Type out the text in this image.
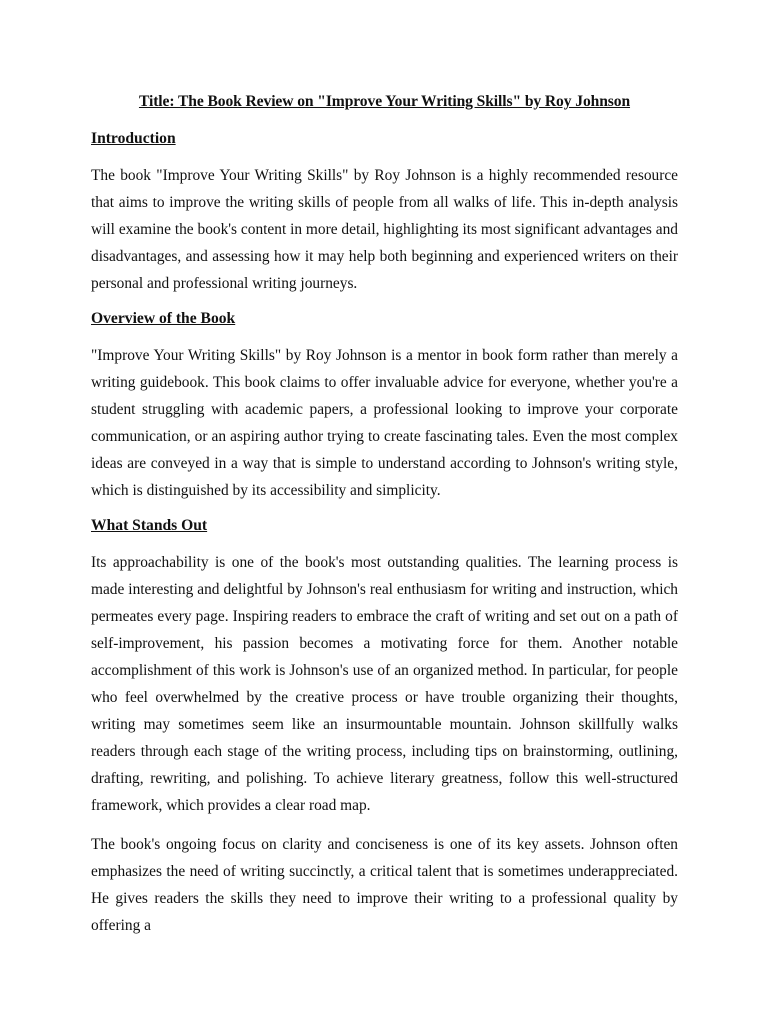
Title: The Book Review on "Improve Your Writing Skills" by Roy Johnson

Introduction

The book "Improve Your Writing Skills" by Roy Johnson is a highly recommended resource that aims to improve the writing skills of people from all walks of life. This in-depth analysis will examine the book's content in more detail, highlighting its most significant advantages and disadvantages, and assessing how it may help both beginning and experienced writers on their personal and professional writing journeys.

Overview of the Book

"Improve Your Writing Skills" by Roy Johnson is a mentor in book form rather than merely a writing guidebook. This book claims to offer invaluable advice for everyone, whether you're a student struggling with academic papers, a professional looking to improve your corporate communication, or an aspiring author trying to create fascinating tales. Even the most complex ideas are conveyed in a way that is simple to understand according to Johnson's writing style, which is distinguished by its accessibility and simplicity.

What Stands Out

Its approachability is one of the book's most outstanding qualities. The learning process is made interesting and delightful by Johnson's real enthusiasm for writing and instruction, which permeates every page. Inspiring readers to embrace the craft of writing and set out on a path of self-improvement, his passion becomes a motivating force for them. Another notable accomplishment of this work is Johnson's use of an organized method. In particular, for people who feel overwhelmed by the creative process or have trouble organizing their thoughts, writing may sometimes seem like an insurmountable mountain. Johnson skillfully walks readers through each stage of the writing process, including tips on brainstorming, outlining, drafting, rewriting, and polishing. To achieve literary greatness, follow this well-structured framework, which provides a clear road map.

The book's ongoing focus on clarity and conciseness is one of its key assets. Johnson often emphasizes the need of writing succinctly, a critical talent that is sometimes underappreciated. He gives readers the skills they need to improve their writing to a professional quality by offering a
